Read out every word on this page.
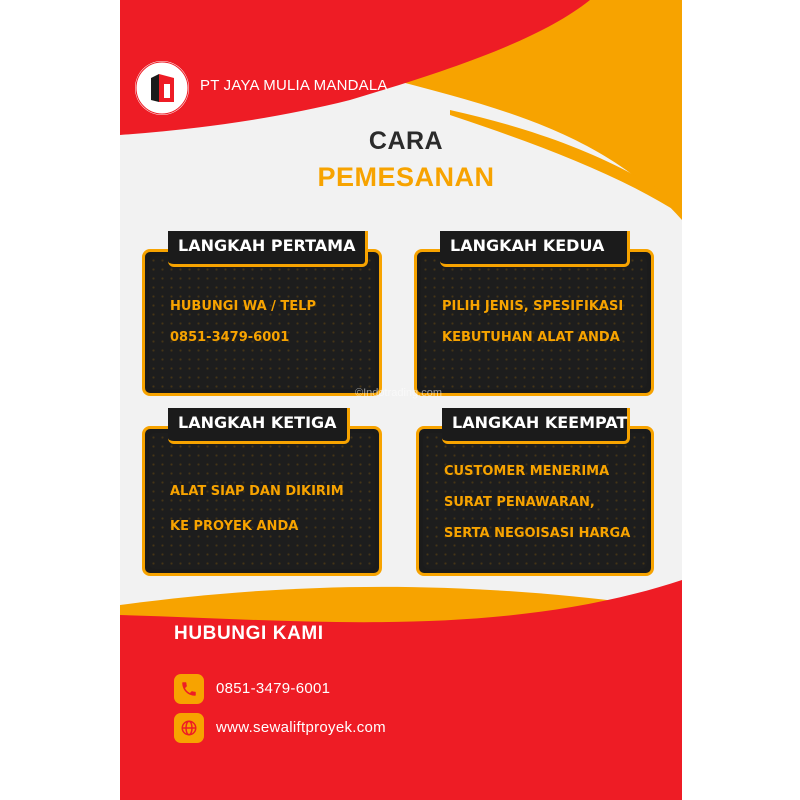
PT JAYA MULIA MANDALA
CARA
PEMESANAN
LANGKAH PERTAMA
HUBUNGI WA / TELP
0851-3479-6001
LANGKAH KEDUA
PILIH JENIS, SPESIFIKASI
KEBUTUHAN ALAT ANDA
LANGKAH KETIGA
ALAT SIAP DAN DIKIRIM
KE PROYEK ANDA
LANGKAH KEEMPAT
CUSTOMER MENERIMA
SURAT PENAWARAN,
SERTA NEGOISASI HARGA
©Indotrading.com
HUBUNGI KAMI
0851-3479-6001
www.sewaliftproyek.com
